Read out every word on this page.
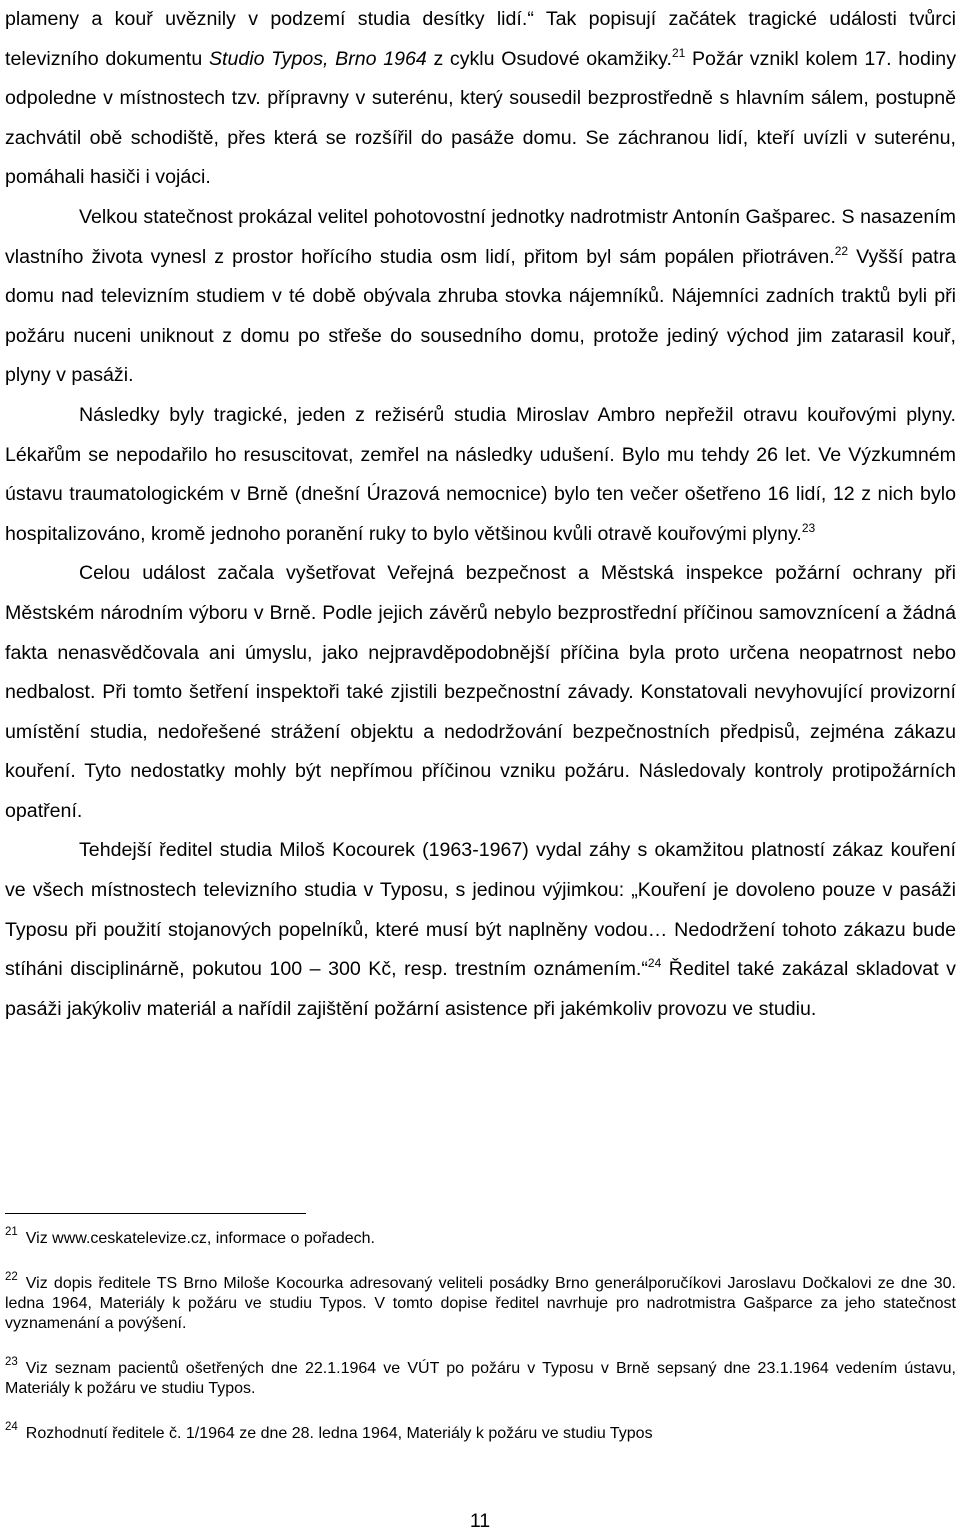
plameny a kouř uvěznily v podzemí studia desítky lidí.“ Tak popisují začátek tragické události tvůrci televizního dokumentu Studio Typos, Brno 1964 z cyklu Osudové okamžiky.$^{21}$ Požár vznikl kolem 17. hodiny odpoledne v místnostech tzv. přípravny v suterénu, který sousedil bezprostředně s hlavním sálem, postupně zachvátil obě schodiště, přes která se rozšířil do pasáže domu. Se záchranou lidí, kteří uvízli v suterénu, pomáhali hasiči i vojáci.

Velkou statečnost prokázal velitel pohotovostní jednotky nadrotmistr Antonín Gašparec. S nasazením vlastního života vynesl z prostor hořícího studia osm lidí, přitom byl sám popálen přiotráven.$^{22}$ Vyšší patra domu nad televizním studiem v té době obývala zhruba stovka nájemníků. Nájemníci zadních traktů byli při požáru nuceni uniknout z domu po střeše do sousedního domu, protože jediný východ jim zatarasil kouř, plyny v pasáži.

Následky byly tragické, jeden z režisérů studia Miroslav Ambro nepřežil otravu kouřovými plyny. Lékařům se nepodařilo ho resuscitovat, zemřel na následky udušení. Bylo mu tehdy 26 let. Ve Výzkumném ústavu traumatologickém v Brně (dnešní Úrazová nemocnice) bylo ten večer ošetřeno 16 lidí, 12 z nich bylo hospitalizováno, kromě jednoho poranění ruky to bylo většinou kvůli otravě kouřovými plyny.$^{23}$

Celou událost začala vyšetřovat Veřejná bezpečnost a Městská inspekce požární ochrany při Městském národním výboru v Brně. Podle jejich závěrů nebylo bezprostřední příčinou samovznícení a žádná fakta nenasvědčovala ani úmyslu, jako nejpravděpodobnější příčina byla proto určena neopatrnost nebo nedbalost. Při tomto šetření inspektoři také zjistili bezpečnostní závady. Konstatovali nevyhovující provizorní umístění studia, nedořešené strážení objektu a nedodržování bezpečnostních předpisů, zejména zákazu kouření. Tyto nedostatky mohly být nepřímou příčinou vzniku požáru. Následovaly kontroly protipožárních opatření.

Tehdejší ředitel studia Miloš Kocourek (1963-1967) vydal záhy s okamžitou platností zákaz kouření ve všech místnostech televizního studia v Typosu, s jedinou výjimkou: „Kouření je dovoleno pouze v pasáži Typosu při použití stojanových popelníků, které musí být naplněny vodou… Nedodržení tohoto zákazu bude stíháni disciplinárně, pokutou 100 – 300 Kč, resp. trestním oznámením.“$^{24}$ Ředitel také zakázal skladovat v pasáži jakýkoliv materiál a nařídil zajištění požární asistence při jakémkoliv provozu ve studiu.

$^{21}$ Viz www.ceskatelevize.cz, informace o pořadech.

$^{22}$ Viz dopis ředitele TS Brno Miloše Kocourka adresovaný veliteli posádky Brno generálporučíkovi Jaroslavu Dočkalovi ze dne 30. ledna 1964, Materiály k požáru ve studiu Typos. V tomto dopise ředitel navrhuje pro nadrotmistra Gašparce za jeho statečnost vyznamenání a povýšení.

$^{23}$ Viz seznam pacientů ošetřených dne 22.1.1964 ve VÚT po požáru v Typosu v Brně sepsaný dne 23.1.1964 vedením ústavu, Materiály k požáru ve studiu Typos.

$^{24}$ Rozhodnutí ředitele č. 1/1964 ze dne 28. ledna 1964, Materiály k požáru ve studiu Typos

11
